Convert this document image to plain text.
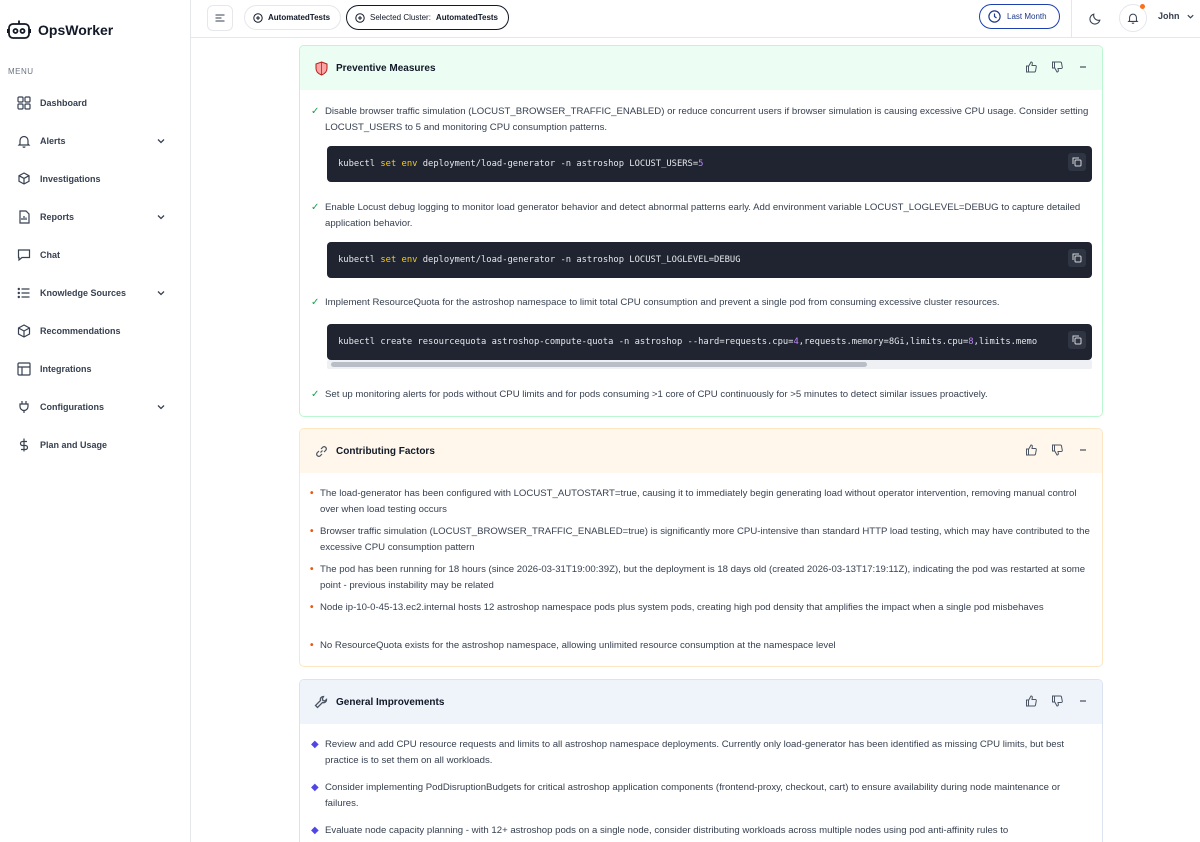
OpsWorker
MENU
Dashboard
Alerts
Investigations
Reports
Chat
Knowledge Sources
Recommendations
Integrations
Configurations
Plan and Usage
AutomatedTests	Selected Cluster: AutomatedTests	Last Month	John
Preventive Measures
✓ Disable browser traffic simulation (LOCUST_BROWSER_TRAFFIC_ENABLED) or reduce concurrent users if browser simulation is causing excessive CPU usage. Consider setting LOCUST_USERS to 5 and monitoring CPU consumption patterns.
kubectl set env deployment/load-generator -n astroshop LOCUST_USERS=5
✓ Enable Locust debug logging to monitor load generator behavior and detect abnormal patterns early. Add environment variable LOCUST_LOGLEVEL=DEBUG to capture detailed application behavior.
kubectl set env deployment/load-generator -n astroshop LOCUST_LOGLEVEL=DEBUG
✓ Implement ResourceQuota for the astroshop namespace to limit total CPU consumption and prevent a single pod from consuming excessive cluster resources.
kubectl create resourcequota astroshop-compute-quota -n astroshop --hard=requests.cpu=4,requests.memory=8Gi,limits.cpu=8,limits.memo
✓ Set up monitoring alerts for pods without CPU limits and for pods consuming >1 core of CPU continuously for >5 minutes to detect similar issues proactively.
Contributing Factors
• The load-generator has been configured with LOCUST_AUTOSTART=true, causing it to immediately begin generating load without operator intervention, removing manual control over when load testing occurs
• Browser traffic simulation (LOCUST_BROWSER_TRAFFIC_ENABLED=true) is significantly more CPU-intensive than standard HTTP load testing, which may have contributed to the excessive CPU consumption pattern
• The pod has been running for 18 hours (since 2026-03-31T19:00:39Z), but the deployment is 18 days old (created 2026-03-13T17:19:11Z), indicating the pod was restarted at some point - previous instability may be related
• Node ip-10-0-45-13.ec2.internal hosts 12 astroshop namespace pods plus system pods, creating high pod density that amplifies the impact when a single pod misbehaves
• No ResourceQuota exists for the astroshop namespace, allowing unlimited resource consumption at the namespace level
General Improvements
◆ Review and add CPU resource requests and limits to all astroshop namespace deployments. Currently only load-generator has been identified as missing CPU limits, but best practice is to set them on all workloads.
◆ Consider implementing PodDisruptionBudgets for critical astroshop application components (frontend-proxy, checkout, cart) to ensure availability during node maintenance or failures.
◆ Evaluate node capacity planning - with 12+ astroshop pods on a single node, consider distributing workloads across multiple nodes using pod anti-affinity rules to
